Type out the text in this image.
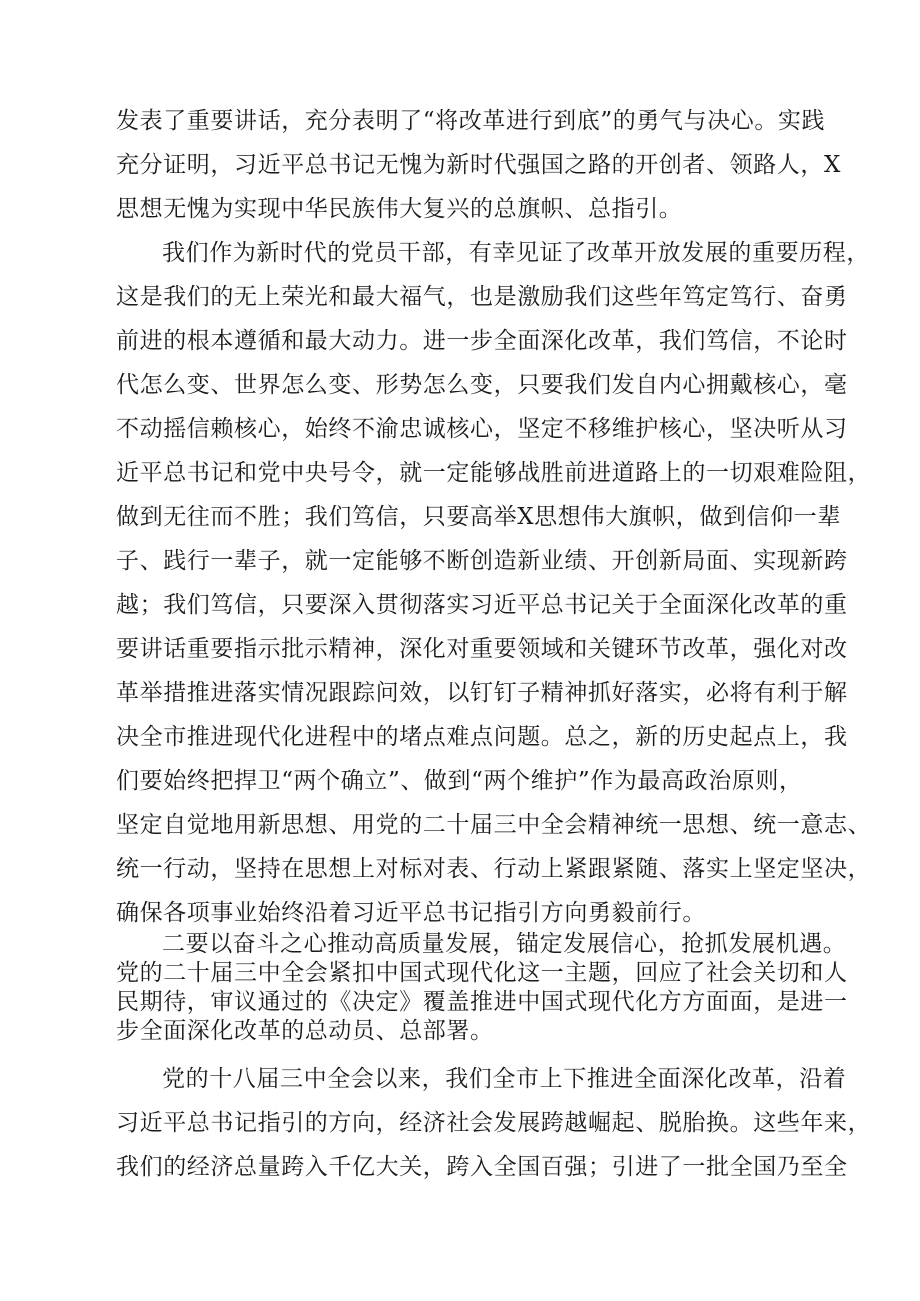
发表了重要讲话，充分表明了“将改革进行到底”的勇气与决心。实践
充分证明，习近平总书记无愧为新时代强国之路的开创者、领路人，X
思想无愧为实现中华民族伟大复兴的总旗帜、总指引。
我们作为新时代的党员干部，有幸见证了改革开放发展的重要历程，
这是我们的无上荣光和最大福气，也是激励我们这些年笃定笃行、奋勇
前进的根本遵循和最大动力。进一步全面深化改革，我们笃信，不论时
代怎么变、世界怎么变、形势怎么变，只要我们发自内心拥戴核心，毫
不动摇信赖核心，始终不渝忠诚核心，坚定不移维护核心，坚决听从习
近平总书记和党中央号令，就一定能够战胜前进道路上的一切艰难险阻，
做到无往而不胜；我们笃信，只要高举X思想伟大旗帜，做到信仰一辈
子、践行一辈子，就一定能够不断创造新业绩、开创新局面、实现新跨
越；我们笃信，只要深入贯彻落实习近平总书记关于全面深化改革的重
要讲话重要指示批示精神，深化对重要领域和关键环节改革，强化对改
革举措推进落实情况跟踪问效，以钉钉子精神抓好落实，必将有利于解
决全市推进现代化进程中的堵点难点问题。总之，新的历史起点上，我
们要始终把捍卫“两个确立”、做到“两个维护”作为最高政治原则，
坚定自觉地用新思想、用党的二十届三中全会精神统一思想、统一意志、
统一行动，坚持在思想上对标对表、行动上紧跟紧随、落实上坚定坚决，
确保各项事业始终沿着习近平总书记指引方向勇毅前行。
二要以奋斗之心推动高质量发展，锚定发展信心，抢抓发展机遇。
党的二十届三中全会紧扣中国式现代化这一主题，回应了社会关切和人
民期待，审议通过的《决定》覆盖推进中国式现代化方方面面，是进一
步全面深化改革的总动员、总部署。
党的十八届三中全会以来，我们全市上下推进全面深化改革，沿着
习近平总书记指引的方向，经济社会发展跨越崛起、脱胎换。这些年来，
我们的经济总量跨入千亿大关，跨入全国百强；引进了一批全国乃至全
